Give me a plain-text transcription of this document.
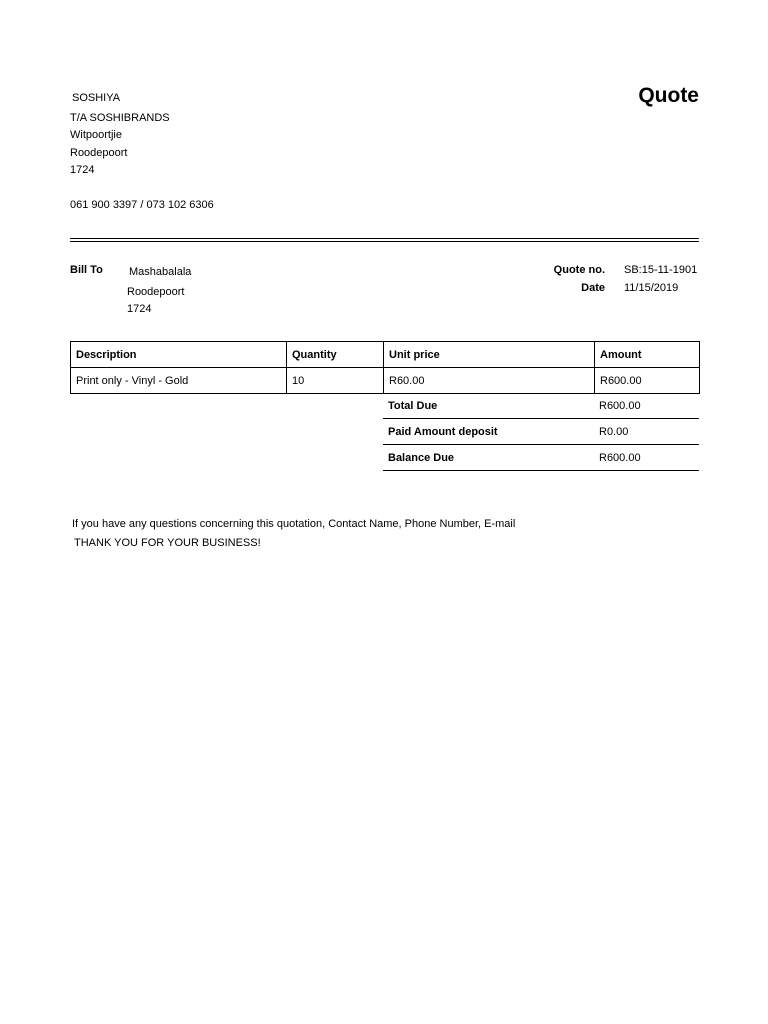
Quote
SOSHIYA
T/A SOSHIBRANDS
Witpoortjie
Roodepoort
1724
061 900 3397 / 073 102 6306
Bill To Mashabalala
Roodepoort
1724
Quote no. SB:15-11-1901
Date 11/15/2019
Description	Quantity	Unit price	Amount
Print only - Vinyl - Gold	10	R60.00	R600.00
Total Due	R600.00
Paid Amount deposit	R0.00
Balance Due	R600.00
If you have any questions concerning this quotation, Contact Name, Phone Number, E-mail
THANK YOU FOR YOUR BUSINESS!
